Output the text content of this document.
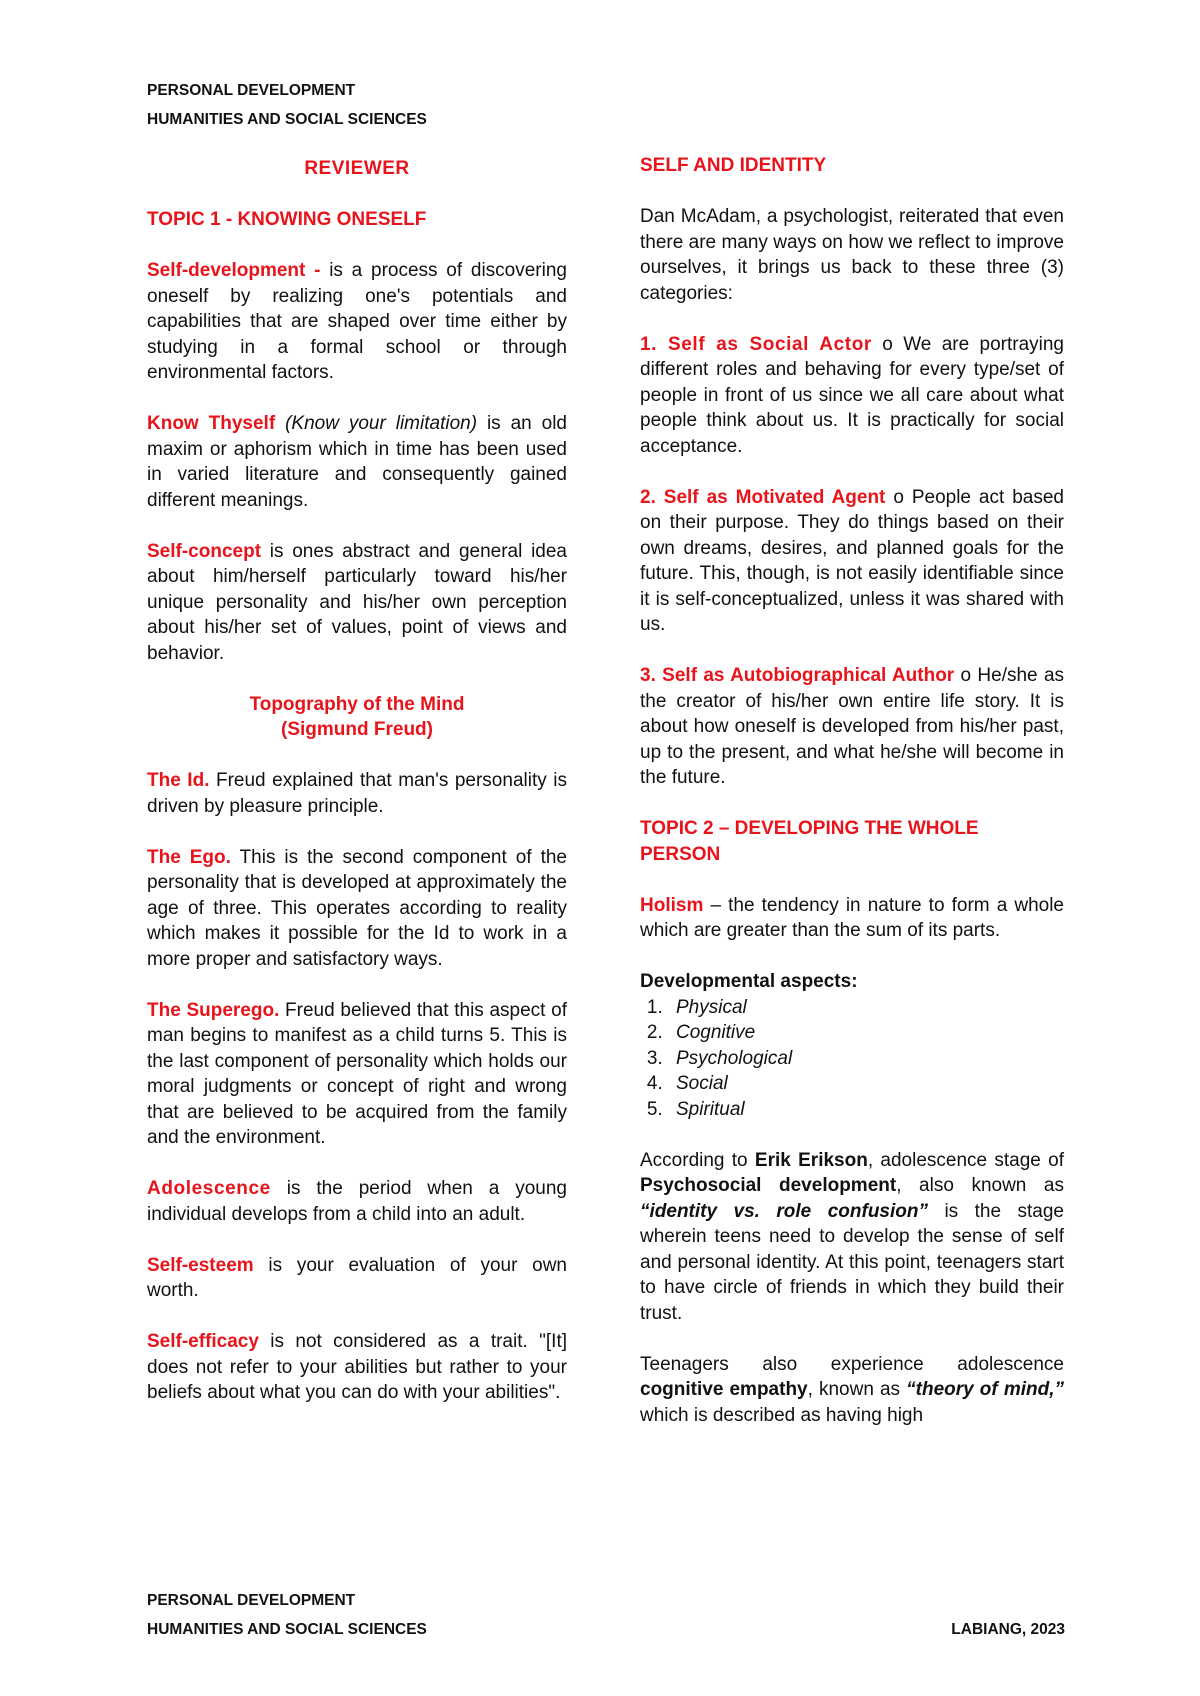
PERSONAL DEVELOPMENT
HUMANITIES AND SOCIAL SCIENCES

REVIEWER

TOPIC 1 - KNOWING ONESELF

Self-development - is a process of discovering oneself by realizing one's potentials and capabilities that are shaped over time either by studying in a formal school or through environmental factors.

Know Thyself (Know your limitation) is an old maxim or aphorism which in time has been used in varied literature and consequently gained different meanings.

Self-concept is ones abstract and general idea about him/herself particularly toward his/her unique personality and his/her own perception about his/her set of values, point of views and behavior.

Topography of the Mind
(Sigmund Freud)

The Id. Freud explained that man's personality is driven by pleasure principle.

The Ego. This is the second component of the personality that is developed at approximately the age of three. This operates according to reality which makes it possible for the Id to work in a more proper and satisfactory ways.

The Superego. Freud believed that this aspect of man begins to manifest as a child turns 5. This is the last component of personality which holds our moral judgments or concept of right and wrong that are believed to be acquired from the family and the environment.

Adolescence is the period when a young individual develops from a child into an adult.

Self-esteem is your evaluation of your own worth.

Self-efficacy is not considered as a trait. "[It] does not refer to your abilities but rather to your beliefs about what you can do with your abilities".

SELF AND IDENTITY

Dan McAdam, a psychologist, reiterated that even there are many ways on how we reflect to improve ourselves, it brings us back to these three (3) categories:

1. Self as Social Actor o We are portraying different roles and behaving for every type/set of people in front of us since we all care about what people think about us. It is practically for social acceptance.

2. Self as Motivated Agent o People act based on their purpose. They do things based on their own dreams, desires, and planned goals for the future. This, though, is not easily identifiable since it is self-conceptualized, unless it was shared with us.

3. Self as Autobiographical Author o He/she as the creator of his/her own entire life story. It is about how oneself is developed from his/her past, up to the present, and what he/she will become in the future.

TOPIC 2 – DEVELOPING THE WHOLE PERSON

Holism – the tendency in nature to form a whole which are greater than the sum of its parts.

Developmental aspects:
1. Physical
2. Cognitive
3. Psychological
4. Social
5. Spiritual

According to Erik Erikson, adolescence stage of Psychosocial development, also known as “identity vs. role confusion” is the stage wherein teens need to develop the sense of self and personal identity. At this point, teenagers start to have circle of friends in which they build their trust.

Teenagers also experience adolescence cognitive empathy, known as “theory of mind,” which is described as having high

PERSONAL DEVELOPMENT
HUMANITIES AND SOCIAL SCIENCES	LABIANG, 2023
